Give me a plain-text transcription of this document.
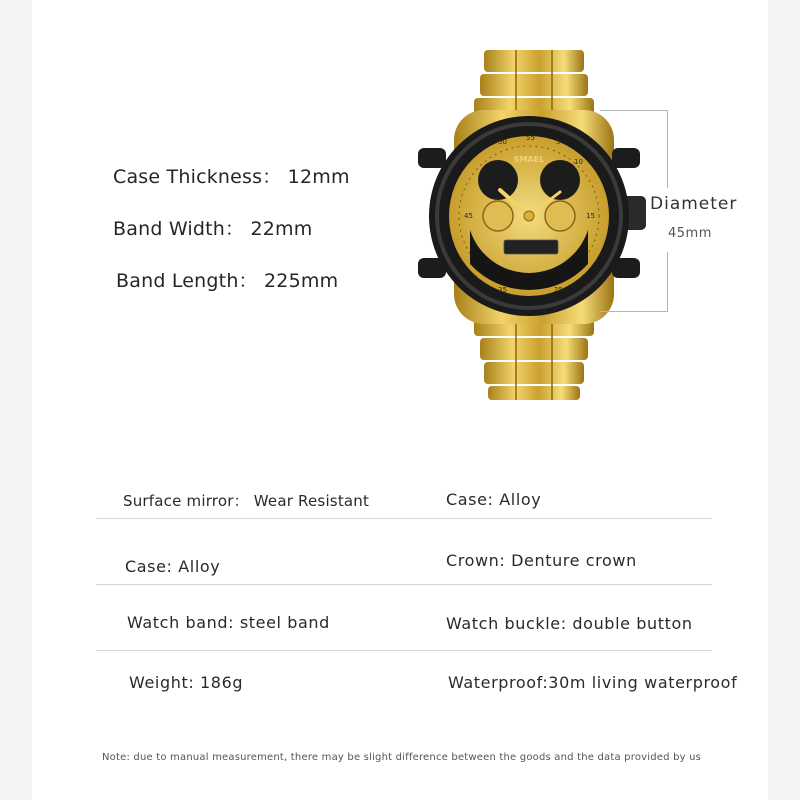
Case Thickness： 12mm
Band Width： 22mm
Band Length： 225mm
SMAEL
50	55	5
10
15
45
35	25
Diameter
45mm
Surface mirror： Wear Resistant	Case: Alloy
Case: Alloy	Crown: Denture crown
Watch band: steel band	Watch buckle: double button
Weight: 186g	Waterproof:30m living waterproof
Note: due to manual measurement, there may be slight difference between the goods and the data provided by us
